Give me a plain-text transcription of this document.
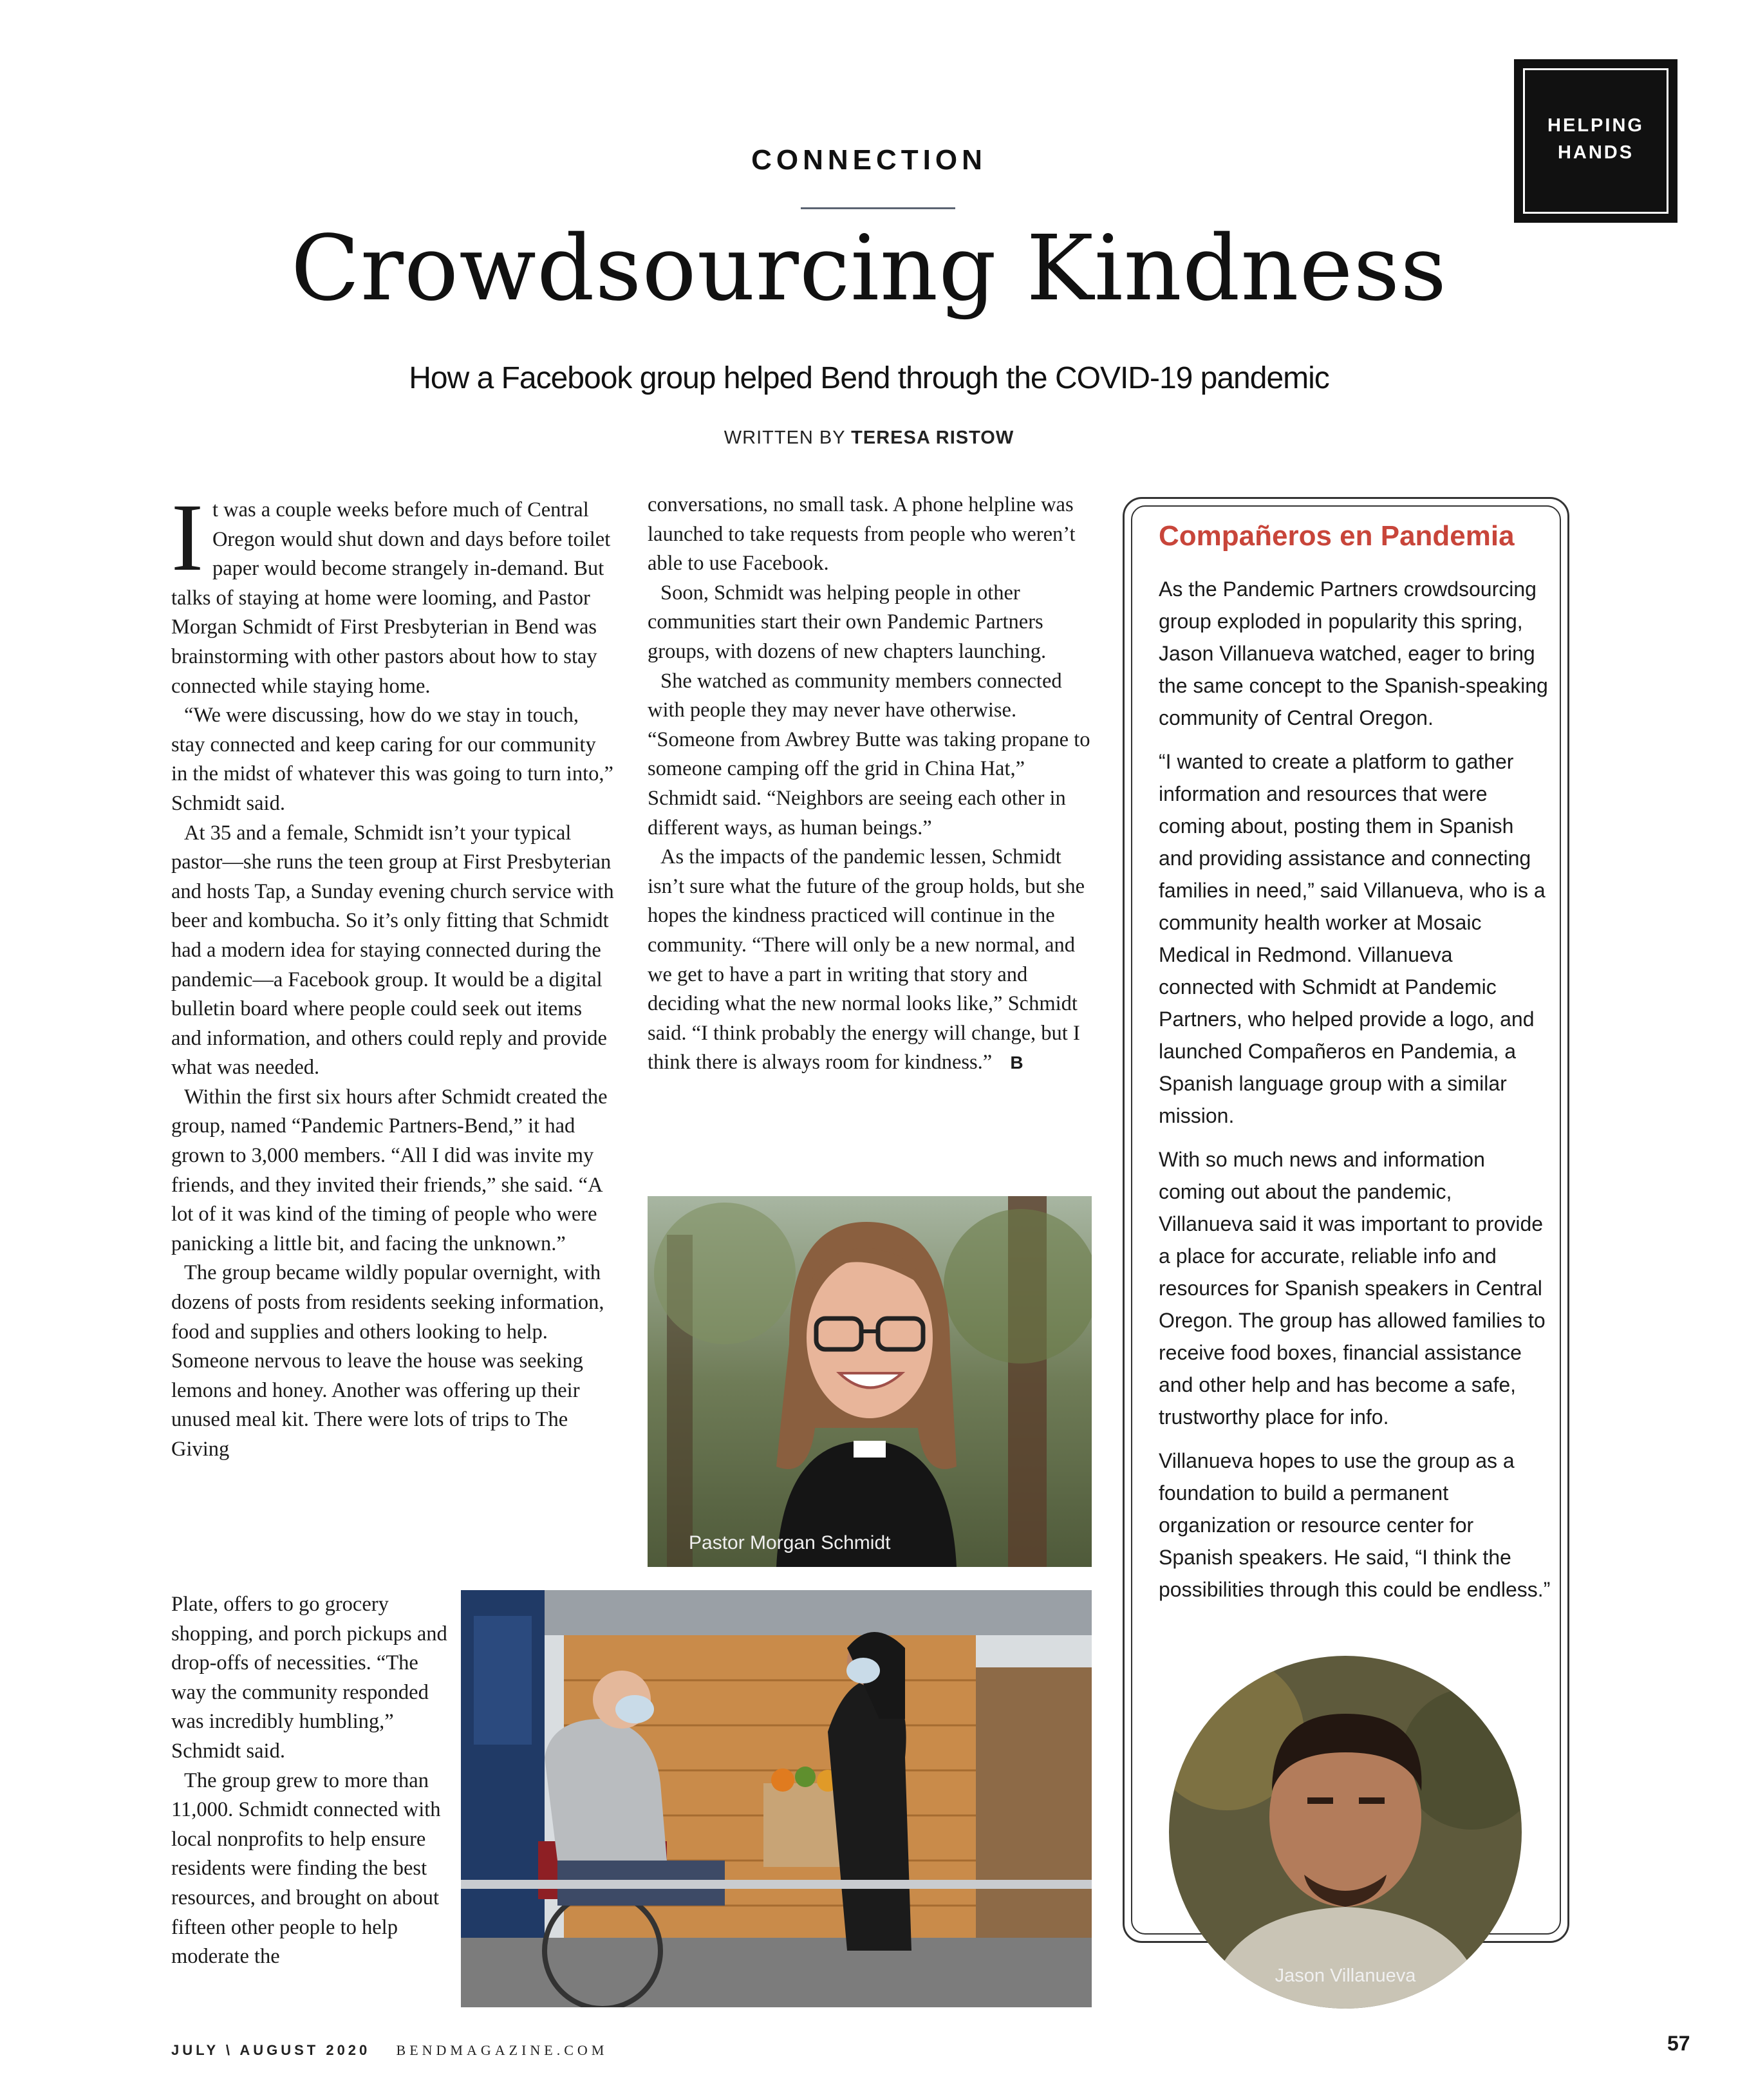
HELPING
HANDS
CONNECTION
Crowdsourcing Kindness
How a Facebook group helped Bend through the COVID-19 pandemic
WRITTEN BY TERESA RISTOW

It was a couple weeks before much of Central Oregon would shut down and days before toilet paper would become strangely in-demand. But talks of staying at home were looming, and Pastor Morgan Schmidt of First Presbyterian in Bend was brainstorming with other pastors about how to stay connected while staying home.

“We were discussing, how do we stay in touch, stay connected and keep caring for our community in the midst of whatever this was going to turn into,” Schmidt said.

At 35 and a female, Schmidt isn’t your typical pastor—she runs the teen group at First Presbyterian and hosts Tap, a Sunday evening church service with beer and kombucha. So it’s only fitting that Schmidt had a modern idea for staying connected during the pandemic—a Facebook group. It would be a digital bulletin board where people could seek out items and information, and others could reply and provide what was needed.

Within the first six hours after Schmidt created the group, named “Pandemic Partners-Bend,” it had grown to 3,000 members. “All I did was invite my friends, and they invited their friends,” she said. “A lot of it was kind of the timing of people who were panicking a little bit, and facing the unknown.”

The group became wildly popular overnight, with dozens of posts from residents seeking information, food and supplies and others looking to help. Someone nervous to leave the house was seeking lemons and honey. Another was offering up their unused meal kit. There were lots of trips to The Giving

Plate, offers to go grocery shopping, and porch pickups and drop-offs of necessities. “The way the community responded was incredibly humbling,” Schmidt said.

The group grew to more than 11,000. Schmidt connected with local nonprofits to help ensure residents were finding the best resources, and brought on about fifteen other people to help moderate the

conversations, no small task. A phone helpline was launched to take requests from people who weren’t able to use Facebook.

Soon, Schmidt was helping people in other communities start their own Pandemic Partners groups, with dozens of new chapters launching.

She watched as community members connected with people they may never have otherwise. “Someone from Awbrey Butte was taking propane to someone camping off the grid in China Hat,” Schmidt said. “Neighbors are seeing each other in different ways, as human beings.”

As the impacts of the pandemic lessen, Schmidt isn’t sure what the future of the group holds, but she hopes the kindness practiced will continue in the community. “There will only be a new normal, and we get to have a part in writing that story and deciding what the new normal looks like,” Schmidt said. “I think probably the energy will change, but I think there is always room for kindness.” B

Pastor Morgan Schmidt
Compañeros en Pandemia

As the Pandemic Partners crowdsourcing group exploded in popularity this spring, Jason Villanueva watched, eager to bring the same concept to the Spanish-speaking community of Central Oregon.

“I wanted to create a platform to gather information and resources that were coming about, posting them in Spanish and providing assistance and connecting families in need,” said Villanueva, who is a community health worker at Mosaic Medical in Redmond. Villanueva connected with Schmidt at Pandemic Partners, who helped provide a logo, and launched Compañeros en Pandemia, a Spanish language group with a similar mission.

With so much news and information coming out about the pandemic, Villanueva said it was important to provide a place for accurate, reliable info and resources for Spanish speakers in Central Oregon. The group has allowed families to receive food boxes, financial assistance and other help and has become a safe, trustworthy place for info.

Villanueva hopes to use the group as a foundation to build a permanent organization or resource center for Spanish speakers. He said, “I think the possibilities through this could be endless.”

Jason Villanueva
JULY \ AUGUST 2020 BENDMAGAZINE.COM	57
